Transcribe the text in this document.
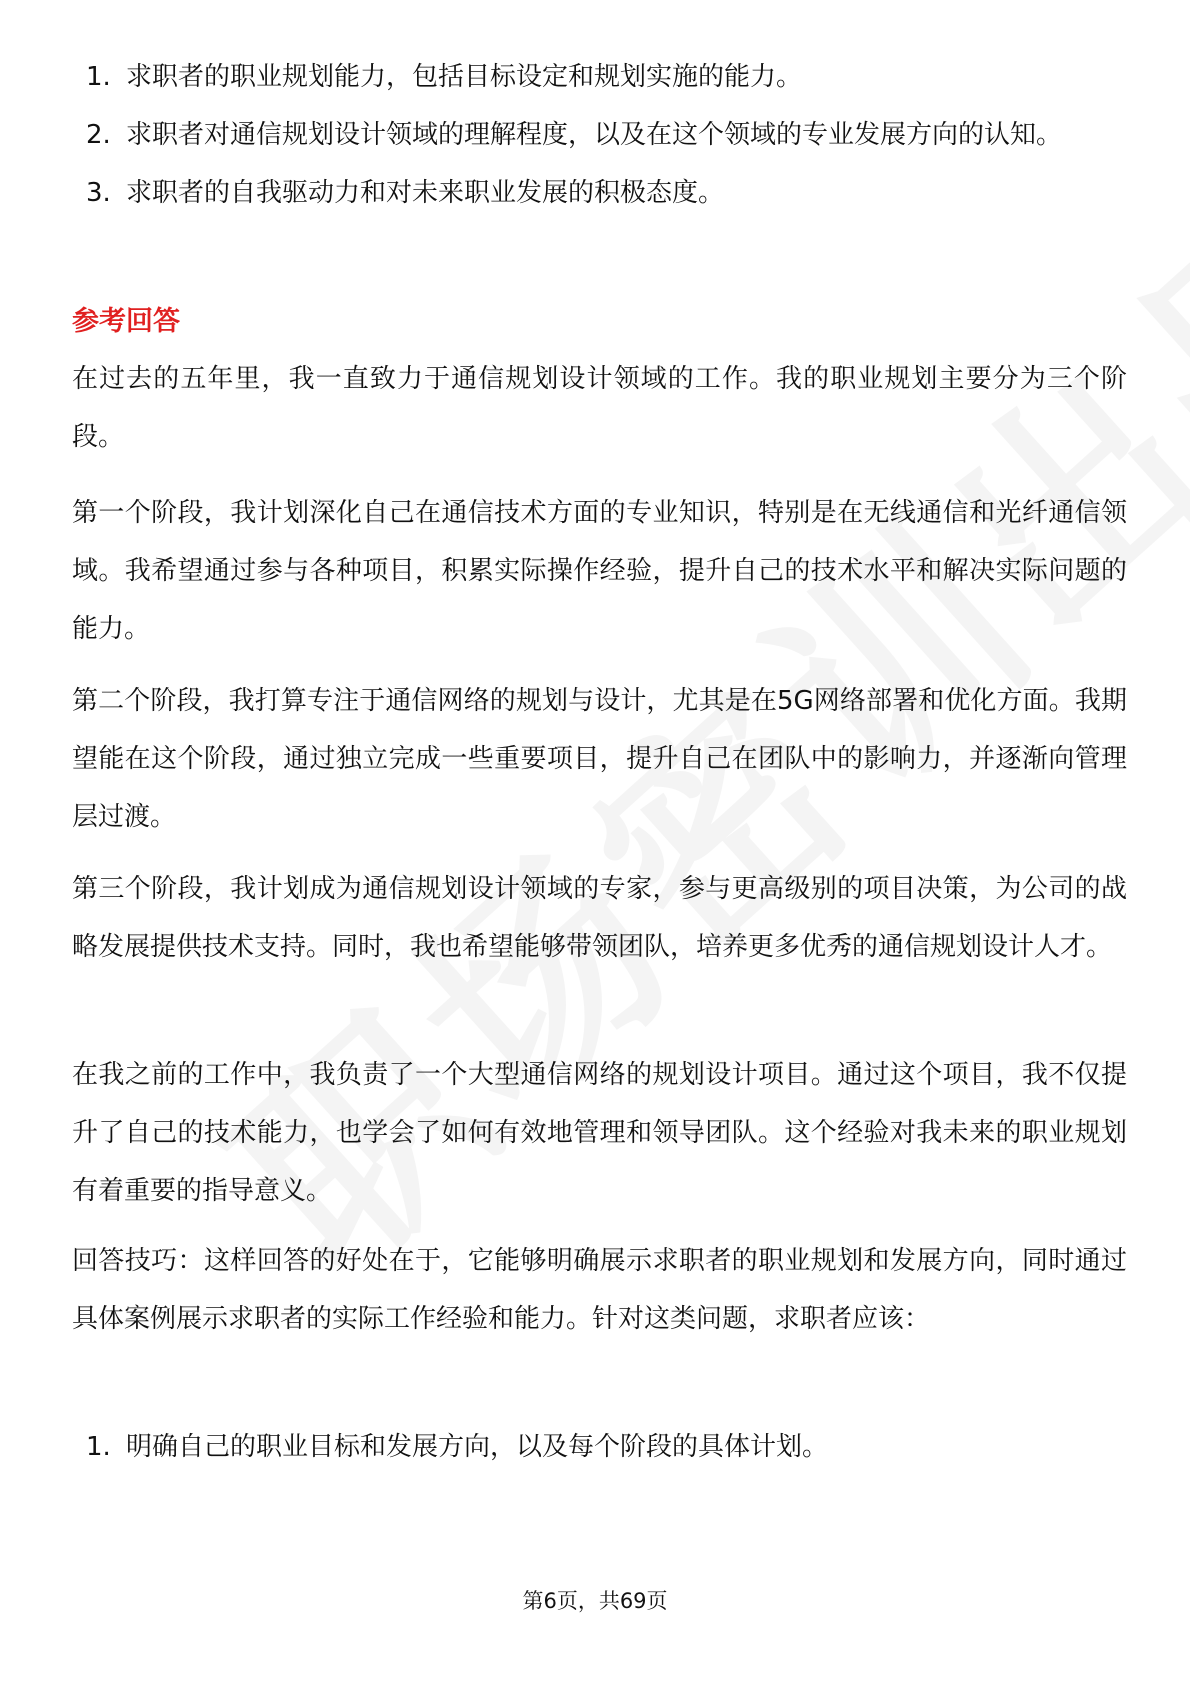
1. 求职者的职业规划能力，包括目标设定和规划实施的能力。
2. 求职者对通信规划设计领域的理解程度，以及在这个领域的专业发展方向的认知。
3. 求职者的自我驱动力和对未来职业发展的积极态度。
参考回答

在过去的五年里，我一直致力于通信规划设计领域的工作。我的职业规划主要分为三个阶段。

第一个阶段，我计划深化自己在通信技术方面的专业知识，特别是在无线通信和光纤通信领域。我希望通过参与各种项目，积累实际操作经验，提升自己的技术水平和解决实际问题的能力。

第二个阶段，我打算专注于通信网络的规划与设计，尤其是在5G网络部署和优化方面。我期望能在这个阶段，通过独立完成一些重要项目，提升自己在团队中的影响力，并逐渐向管理层过渡。

第三个阶段，我计划成为通信规划设计领域的专家，参与更高级别的项目决策，为公司的战略发展提供技术支持。同时，我也希望能够带领团队，培养更多优秀的通信规划设计人才。

在我之前的工作中，我负责了一个大型通信网络的规划设计项目。通过这个项目，我不仅提升了自己的技术能力，也学会了如何有效地管理和领导团队。这个经验对我未来的职业规划有着重要的指导意义。

回答技巧：这样回答的好处在于，它能够明确展示求职者的职业规划和发展方向，同时通过具体案例展示求职者的实际工作经验和能力。针对这类问题，求职者应该：

1. 明确自己的职业目标和发展方向，以及每个阶段的具体计划。
第6页，共69页
